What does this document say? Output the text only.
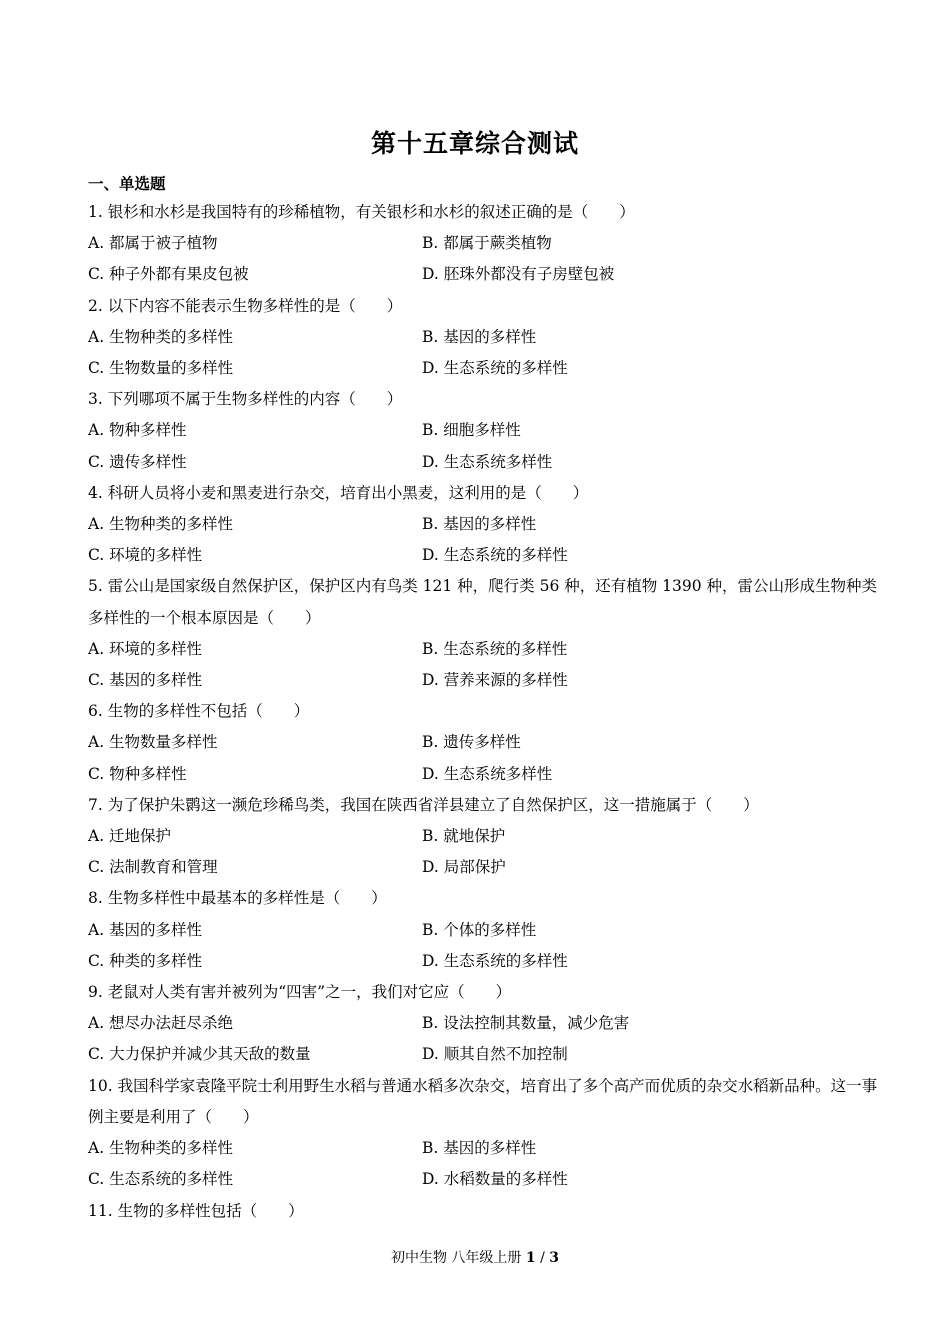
第十五章综合测试
一、单选题
1. 银杉和水杉是我国特有的珍稀植物，有关银杉和水杉的叙述正确的是（　　）
A. 都属于被子植物	B. 都属于蕨类植物
C. 种子外都有果皮包被	D. 胚珠外都没有子房壁包被
2. 以下内容不能表示生物多样性的是（　　）
A. 生物种类的多样性	B. 基因的多样性
C. 生物数量的多样性	D. 生态系统的多样性
3. 下列哪项不属于生物多样性的内容（　　）
A. 物种多样性	B. 细胞多样性
C. 遗传多样性	D. 生态系统多样性
4. 科研人员将小麦和黑麦进行杂交，培育出小黑麦，这利用的是（　　）
A. 生物种类的多样性	B. 基因的多样性
C. 环境的多样性	D. 生态系统的多样性
5. 雷公山是国家级自然保护区，保护区内有鸟类 121 种，爬行类 56 种，还有植物 1390 种，雷公山形成生物种类多样性的一个根本原因是（　　）
A. 环境的多样性	B. 生态系统的多样性
C. 基因的多样性	D. 营养来源的多样性
6. 生物的多样性不包括（　　）
A. 生物数量多样性	B. 遗传多样性
C. 物种多样性	D. 生态系统多样性
7. 为了保护朱鹮这一濒危珍稀鸟类，我国在陕西省洋县建立了自然保护区，这一措施属于（　　）
A. 迁地保护	B. 就地保护
C. 法制教育和管理	D. 局部保护
8. 生物多样性中最基本的多样性是（　　）
A. 基因的多样性	B. 个体的多样性
C. 种类的多样性	D. 生态系统的多样性
9. 老鼠对人类有害并被列为“四害”之一，我们对它应（　　）
A. 想尽办法赶尽杀绝	B. 设法控制其数量，减少危害
C. 大力保护并减少其天敌的数量	D. 顺其自然不加控制
10. 我国科学家袁隆平院士利用野生水稻与普通水稻多次杂交，培育出了多个高产而优质的杂交水稻新品种。这一事例主要是利用了（　　）
A. 生物种类的多样性	B. 基因的多样性
C. 生态系统的多样性	D. 水稻数量的多样性
11. 生物的多样性包括（　　）
初中生物 八年级上册 1 / 3
